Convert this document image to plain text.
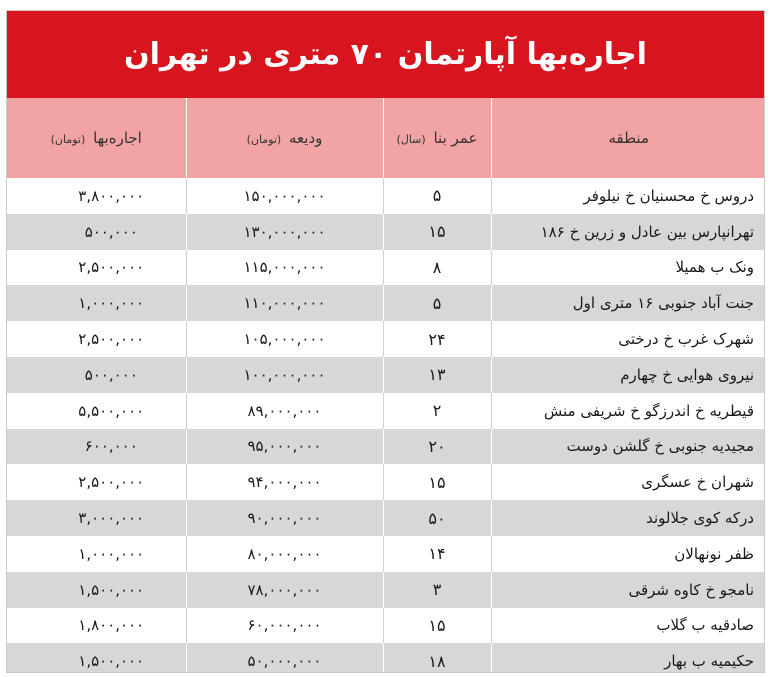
اجاره‌بها آپارتمان ۷۰ متری در تهران
منطقه	عمر بنا (سال)	ودیعه (تومان)	اجاره‌بها (تومان)
دروس خ محسنیان خ نیلوفر	۵	۱۵۰,۰۰۰,۰۰۰	۳,۸۰۰,۰۰۰
تهرانپارس بین عادل و زرین خ ۱۸۶	۱۵	۱۳۰,۰۰۰,۰۰۰	۵۰۰,۰۰۰
ونک ب همیلا	۸	۱۱۵,۰۰۰,۰۰۰	۲,۵۰۰,۰۰۰
جنت آباد جنوبی ۱۶ متری اول	۵	۱۱۰,۰۰۰,۰۰۰	۱,۰۰۰,۰۰۰
شهرک غرب خ درختی	۲۴	۱۰۵,۰۰۰,۰۰۰	۲,۵۰۰,۰۰۰
نیروی هوایی خ چهارم	۱۳	۱۰۰,۰۰۰,۰۰۰	۵۰۰,۰۰۰
قیطریه خ اندرزگو خ شریفی منش	۲	۸۹,۰۰۰,۰۰۰	۵,۵۰۰,۰۰۰
مجیدیه جنوبی خ گلشن دوست	۲۰	۹۵,۰۰۰,۰۰۰	۶۰۰,۰۰۰
شهران خ عسگری	۱۵	۹۴,۰۰۰,۰۰۰	۲,۵۰۰,۰۰۰
درکه کوی جلالوند	۵۰	۹۰,۰۰۰,۰۰۰	۳,۰۰۰,۰۰۰
ظفر نونهالان	۱۴	۸۰,۰۰۰,۰۰۰	۱,۰۰۰,۰۰۰
نامجو خ کاوه شرقی	۳	۷۸,۰۰۰,۰۰۰	۱,۵۰۰,۰۰۰
صادقیه ب گلاب	۱۵	۶۰,۰۰۰,۰۰۰	۱,۸۰۰,۰۰۰
حکیمیه ب بهار	۱۸	۵۰,۰۰۰,۰۰۰	۱,۵۰۰,۰۰۰
